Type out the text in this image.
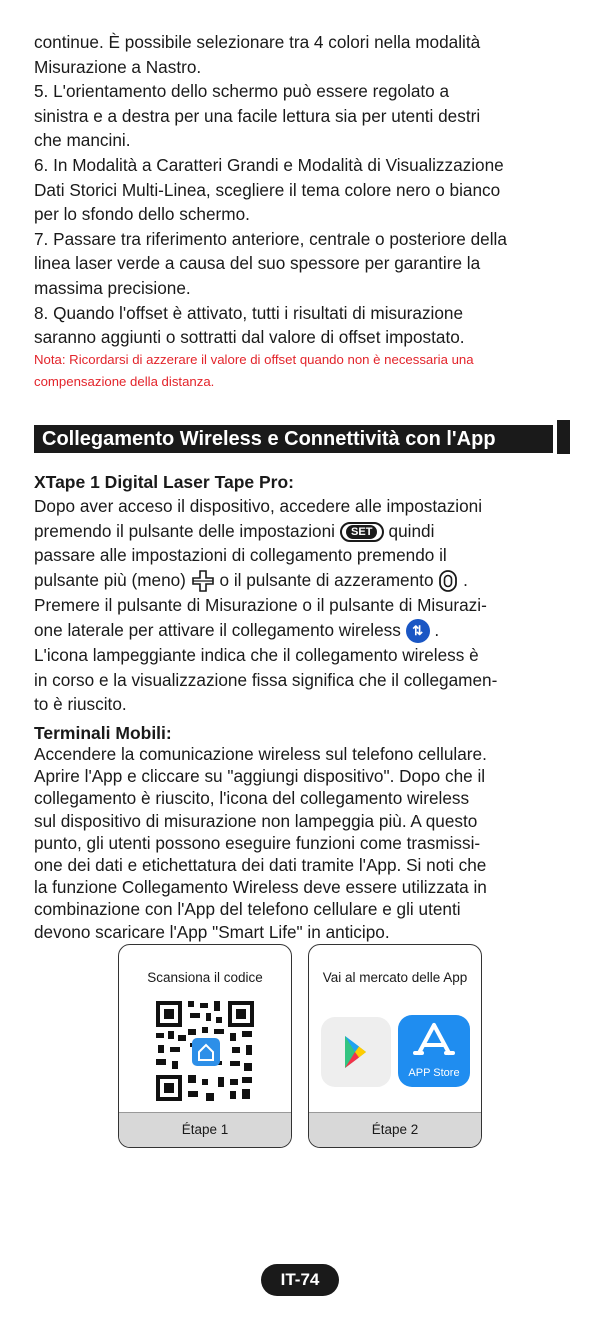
continue. È possibile selezionare tra 4 colori nella modalità
Misurazione a Nastro.
5. L'orientamento dello schermo può essere regolato a
sinistra e a destra per una facile lettura sia per utenti destri
che mancini.
6. In Modalità a Caratteri Grandi e Modalità di Visualizzazione
Dati Storici Multi-Linea, scegliere il tema colore nero o bianco
per lo sfondo dello schermo.
7. Passare tra riferimento anteriore, centrale o posteriore della
linea laser verde a causa del suo spessore per garantire la
massima precisione.
8. Quando l'offset è attivato, tutti i risultati di misurazione
saranno aggiunti o sottratti dal valore di offset impostato.
Nota: Ricordarsi di azzerare il valore di offset quando non è necessaria una
compensazione della distanza.
Collegamento Wireless e Connettività con l'App
XTape 1 Digital Laser Tape Pro:
Dopo aver acceso il dispositivo, accedere alle impostazioni
premendo il pulsante delle impostazioni	SET quindi
passare alle impostazioni di collegamento premendo il
pulsante più (meno) o il pulsante di azzeramento .
Premere il pulsante di Misurazione o il pulsante di Misurazi-
one laterale per attivare il collegamento wireless ⇅ .
L'icona lampeggiante indica che il collegamento wireless è
in corso e la visualizzazione fissa significa che il collegamen-
to è riuscito.
Terminali Mobili:
Accendere la comunicazione wireless sul telefono cellulare.
Aprire l'App e cliccare su "aggiungi dispositivo". Dopo che il
collegamento è riuscito, l'icona del collegamento wireless
sul dispositivo di misurazione non lampeggia più. A questo
punto, gli utenti possono eseguire funzioni come trasmissi-
one dei dati e etichettatura dei dati tramite l'App. Si noti che
la funzione Collegamento Wireless deve essere utilizzata in
combinazione con l'App del telefono cellulare e gli utenti
devono scaricare l'App "Smart Life" in anticipo.
Scansiona il codice
Étape 1
Vai al mercato delle App
APP Store
Étape 2
IT-74
